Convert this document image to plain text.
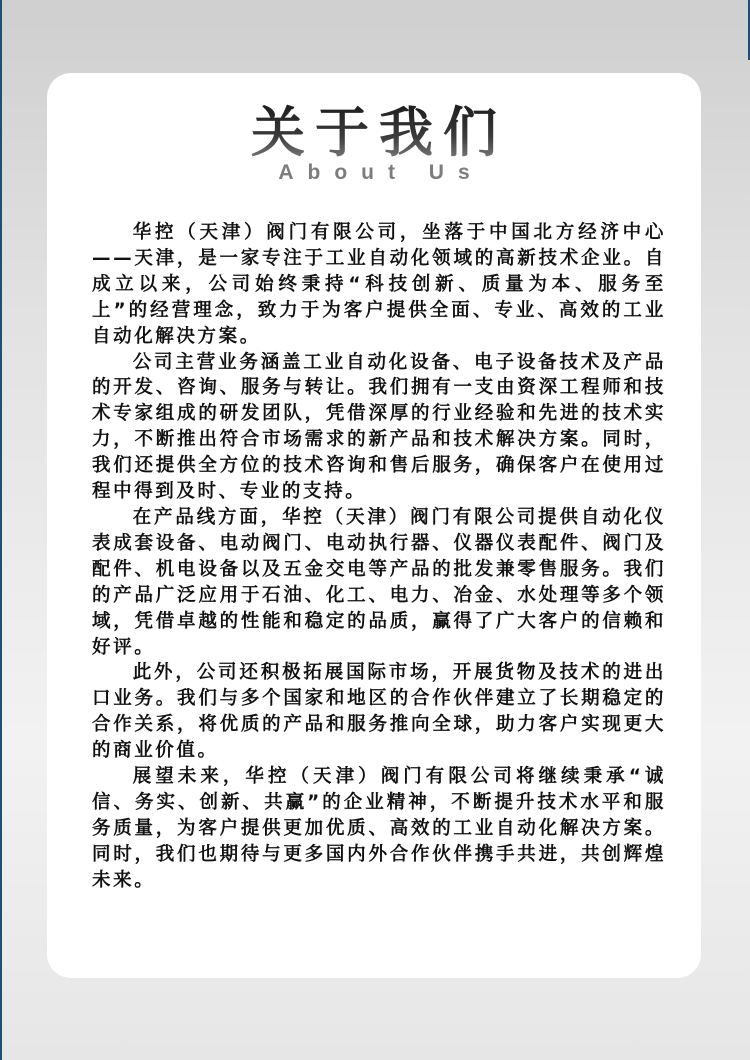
关于我们
About Us

华控（天津）阀门有限公司，坐落于中国北方经济中心——天津，是一家专注于工业自动化领域的高新技术企业。自成立以来，公司始终秉持“科技创新、质量为本、服务至上”的经营理念，致力于为客户提供全面、专业、高效的工业自动化解决方案。

公司主营业务涵盖工业自动化设备、电子设备技术及产品的开发、咨询、服务与转让。我们拥有一支由资深工程师和技术专家组成的研发团队，凭借深厚的行业经验和先进的技术实力，不断推出符合市场需求的新产品和技术解决方案。同时，我们还提供全方位的技术咨询和售后服务，确保客户在使用过程中得到及时、专业的支持。

在产品线方面，华控（天津）阀门有限公司提供自动化仪表成套设备、电动阀门、电动执行器、仪器仪表配件、阀门及配件、机电设备以及五金交电等产品的批发兼零售服务。我们的产品广泛应用于石油、化工、电力、冶金、水处理等多个领域，凭借卓越的性能和稳定的品质，赢得了广大客户的信赖和好评。

此外，公司还积极拓展国际市场，开展货物及技术的进出口业务。我们与多个国家和地区的合作伙伴建立了长期稳定的合作关系，将优质的产品和服务推向全球，助力客户实现更大的商业价值。

展望未来，华控（天津）阀门有限公司将继续秉承“诚信、务实、创新、共赢”的企业精神，不断提升技术水平和服务质量，为客户提供更加优质、高效的工业自动化解决方案。同时，我们也期待与更多国内外合作伙伴携手共进，共创辉煌未来。
